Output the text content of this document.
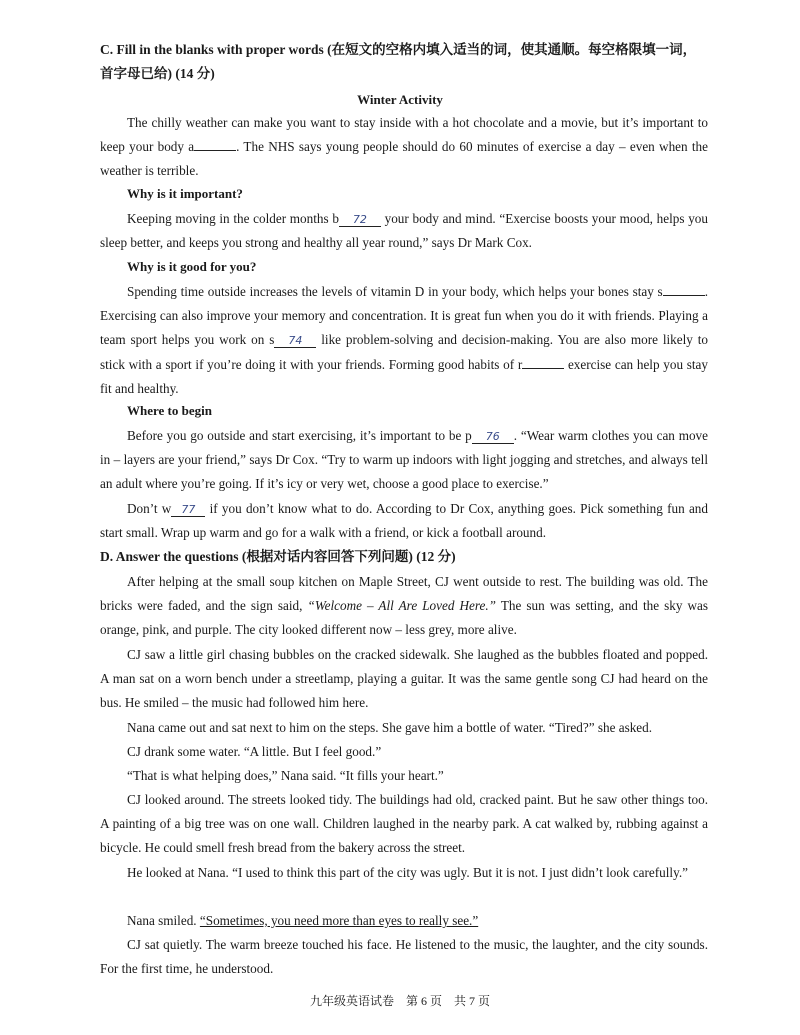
C. Fill in the blanks with proper words (在短文的空格内填入适当的词，使其通顺。每空格限填一词，
首字母已给) (14 分)

Winter Activity

The chilly weather can make you want to stay inside with a hot chocolate and a movie, but it’s important to keep your body a	. The NHS says young people should do 60 minutes of exercise a day – even when the weather is terrible.

Why is it important?

Keeping moving in the colder months b 72 your body and mind. “Exercise boosts your mood, helps you sleep better, and keeps you strong and healthy all year round,” says Dr Mark Cox.

Why is it good for you?

Spending time outside increases the levels of vitamin D in your body, which helps your bones stay s	. Exercising can also improve your memory and concentration. It is great fun when you do it with friends. Playing a team sport helps you work on s 74 like problem-solving and decision-making. You are also more likely to stick with a sport if you’re doing it with your friends. Forming good habits of r	exercise can help you stay fit and healthy.

Where to begin

Before you go outside and start exercising, it’s important to be p 76 . “Wear warm clothes you can move in – layers are your friend,” says Dr Cox. “Try to warm up indoors with light jogging and stretches, and always tell an adult where you’re going. If it’s icy or very wet, choose a good place to exercise.”

Don’t w 77 if you don’t know what to do. According to Dr Cox, anything goes. Pick something fun and start small. Wrap up warm and go for a walk with a friend, or kick a football around.

D. Answer the questions (根据对话内容回答下列问题) (12 分)

After helping at the small soup kitchen on Maple Street, CJ went outside to rest. The building was old. The bricks were faded, and the sign said, “Welcome – All Are Loved Here.” The sun was setting, and the sky was orange, pink, and purple. The city looked different now – less grey, more alive.

CJ saw a little girl chasing bubbles on the cracked sidewalk. She laughed as the bubbles floated and popped. A man sat on a worn bench under a streetlamp, playing a guitar. It was the same gentle song CJ had heard on the bus. He smiled – the music had followed him here.

Nana came out and sat next to him on the steps. She gave him a bottle of water. “Tired?” she asked.

CJ drank some water. “A little. But I feel good.”

“That is what helping does,” Nana said. “It fills your heart.”

CJ looked around. The streets looked tidy. The buildings had old, cracked paint. But he saw other things too. A painting of a big tree was on one wall. Children laughed in the nearby park. A cat walked by, rubbing against a bicycle. He could smell fresh bread from the bakery across the street.

He looked at Nana. “I used to think this part of the city was ugly. But it is not. I just didn’t look carefully.”

Nana smiled. “Sometimes, you need more than eyes to really see.”

CJ sat quietly. The warm breeze touched his face. He listened to the music, the laughter, and the city sounds. For the first time, he understood.

九年级英语试卷　第 6 页　共 7 页
